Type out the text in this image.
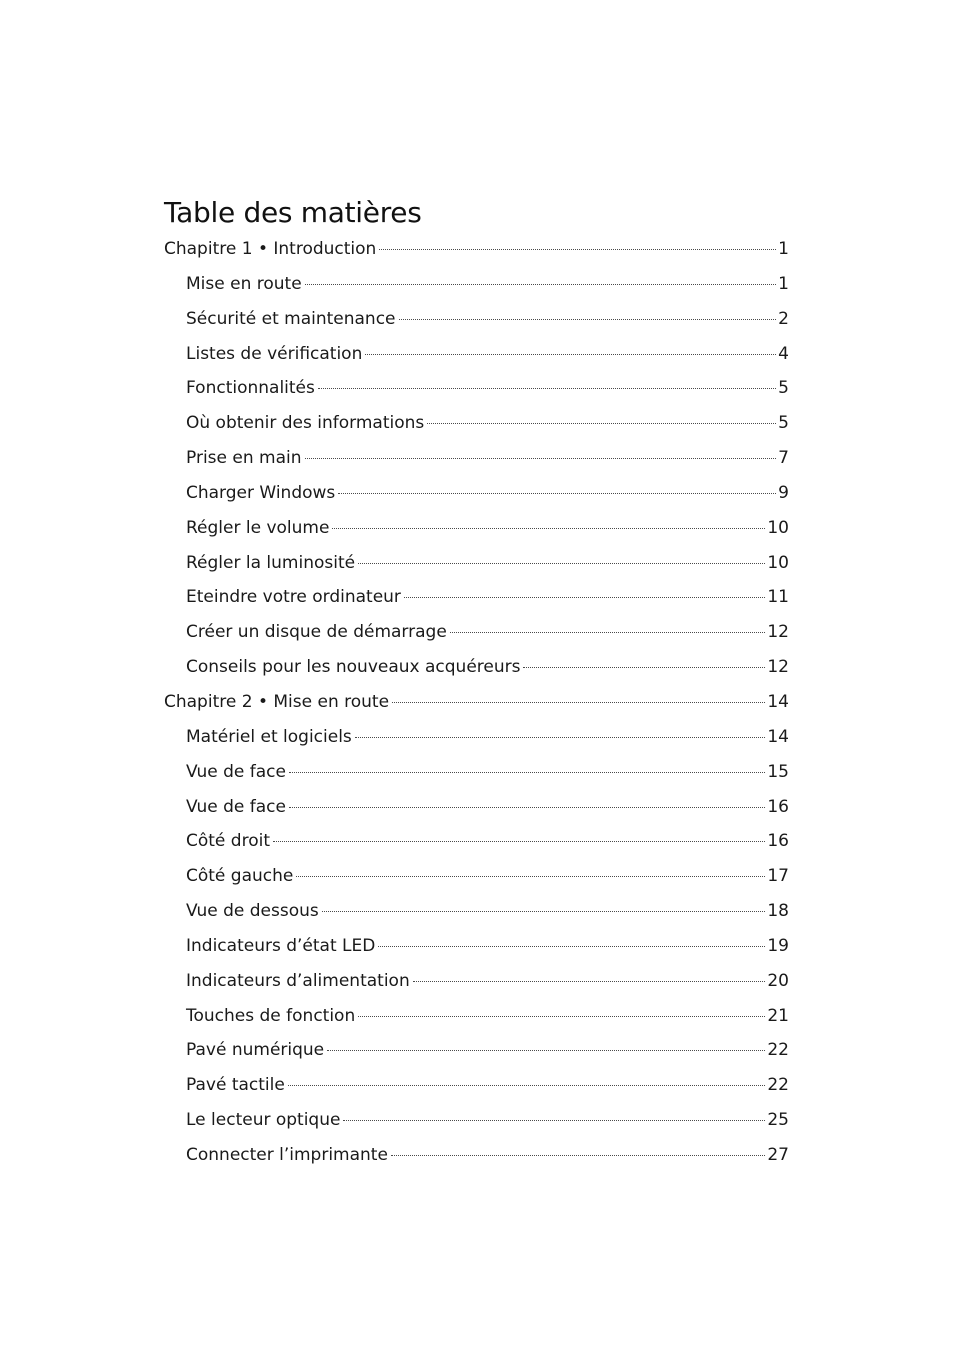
Table des matières
Chapitre 1 • Introduction	1
Mise en route	1
Sécurité et maintenance	2
Listes de vérification	4
Fonctionnalités	5
Où obtenir des informations	5
Prise en main	7
Charger Windows	9
Régler le volume	10
Régler la luminosité	10
Eteindre votre ordinateur	11
Créer un disque de démarrage	12
Conseils pour les nouveaux acquéreurs	12
Chapitre 2 • Mise en route	14
Matériel et logiciels	14
Vue de face	15
Vue de face	16
Côté droit	16
Côté gauche	17
Vue de dessous	18
Indicateurs d’état LED	19
Indicateurs d’alimentation	20
Touches de fonction	21
Pavé numérique	22
Pavé tactile	22
Le lecteur optique	25
Connecter l’imprimante	27
